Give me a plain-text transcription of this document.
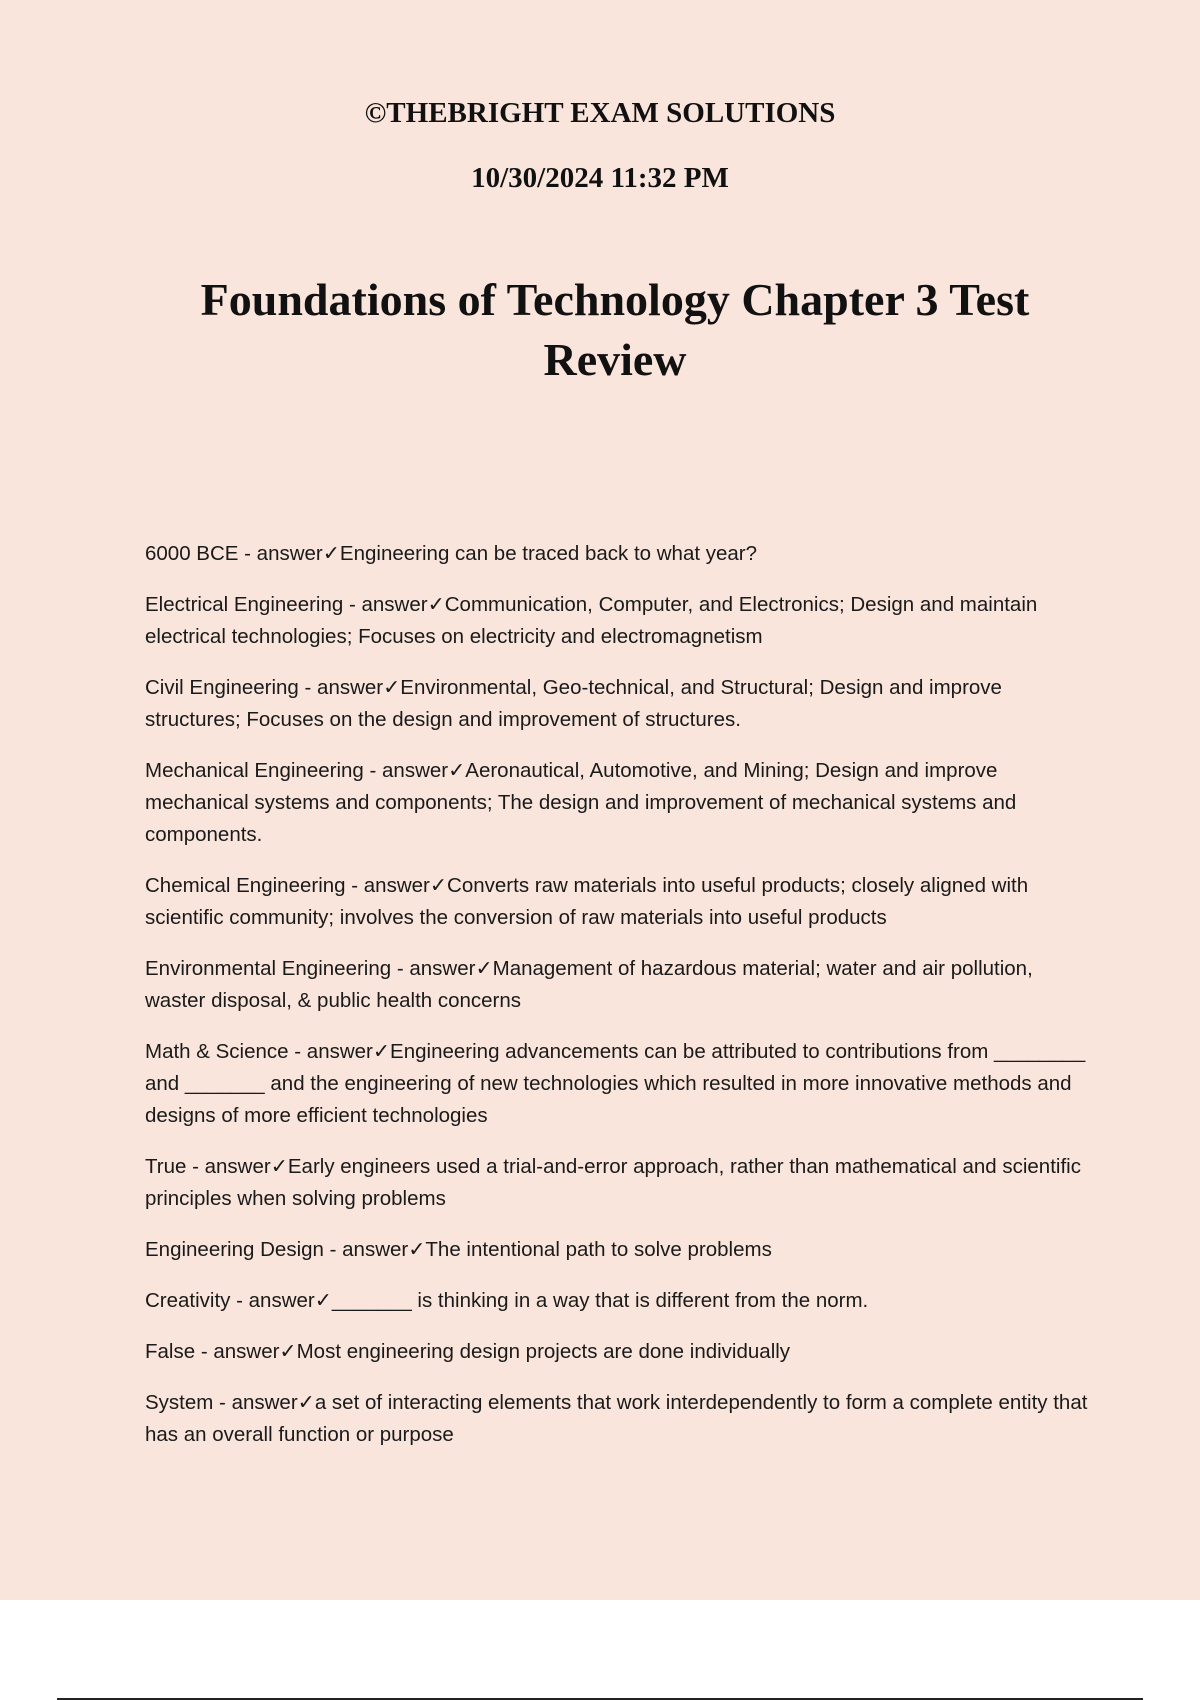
©THEBRIGHT EXAM SOLUTIONS

10/30/2024 11:32 PM

Foundations of Technology Chapter 3 Test Review
6000 BCE - answer✓Engineering can be traced back to what year?
Electrical Engineering - answer✓Communication, Computer, and Electronics; Design and maintain electrical technologies; Focuses on electricity and electromagnetism
Civil Engineering - answer✓Environmental, Geo-technical, and Structural; Design and improve structures; Focuses on the design and improvement of structures.
Mechanical Engineering - answer✓Aeronautical, Automotive, and Mining; Design and improve mechanical systems and components; The design and improvement of mechanical systems and components.
Chemical Engineering - answer✓Converts raw materials into useful products; closely aligned with scientific community; involves the conversion of raw materials into useful products
Environmental Engineering - answer✓Management of hazardous material; water and air pollution, waster disposal, & public health concerns
Math & Science - answer✓Engineering advancements can be attributed to contributions from ________ and _______ and the engineering of new technologies which resulted in more innovative methods and designs of more efficient technologies
True - answer✓Early engineers used a trial-and-error approach, rather than mathematical and scientific principles when solving problems
Engineering Design - answer✓The intentional path to solve problems
Creativity - answer✓_______ is thinking in a way that is different from the norm.
False - answer✓Most engineering design projects are done individually
System - answer✓a set of interacting elements that work interdependently to form a complete entity that has an overall function or purpose
